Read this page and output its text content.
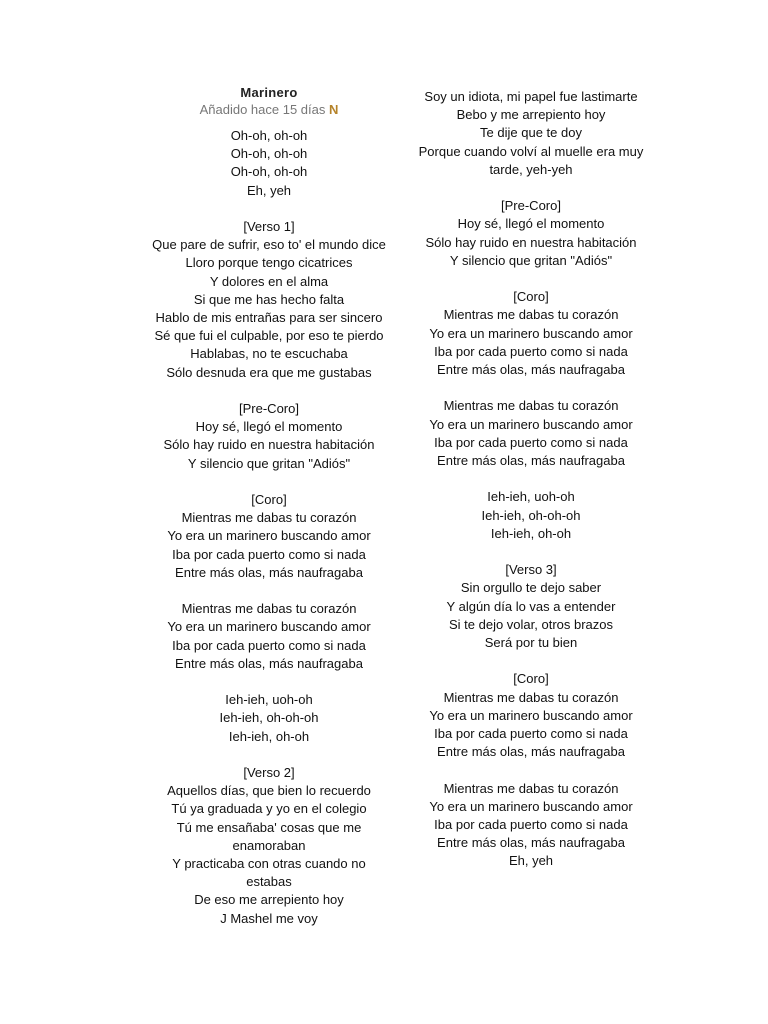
Marinero
Añadido hace 15 días N
Oh-oh, oh-oh
Oh-oh, oh-oh
Oh-oh, oh-oh
Eh, yeh
[Verso 1]
Que pare de sufrir, eso to' el mundo dice
Lloro porque tengo cicatrices
Y dolores en el alma
Si que me has hecho falta
Hablo de mis entrañas para ser sincero
Sé que fui el culpable, por eso te pierdo
Hablabas, no te escuchaba
Sólo desnuda era que me gustabas
[Pre-Coro]
Hoy sé, llegó el momento
Sólo hay ruido en nuestra habitación
Y silencio que gritan "Adiós"
[Coro]
Mientras me dabas tu corazón
Yo era un marinero buscando amor
Iba por cada puerto como si nada
Entre más olas, más naufragaba
Mientras me dabas tu corazón
Yo era un marinero buscando amor
Iba por cada puerto como si nada
Entre más olas, más naufragaba
Ieh-ieh, uoh-oh
Ieh-ieh, oh-oh-oh
Ieh-ieh, oh-oh
[Verso 2]
Aquellos días, que bien lo recuerdo
Tú ya graduada y yo en el colegio
Tú me ensañaba' cosas que me
enamoraban
Y practicaba con otras cuando no
estabas
De eso me arrepiento hoy
J Mashel me voy
Soy un idiota, mi papel fue lastimarte
Bebo y me arrepiento hoy
Te dije que te doy
Porque cuando volví al muelle era muy
tarde, yeh-yeh
[Pre-Coro]
Hoy sé, llegó el momento
Sólo hay ruido en nuestra habitación
Y silencio que gritan "Adiós"
[Coro]
Mientras me dabas tu corazón
Yo era un marinero buscando amor
Iba por cada puerto como si nada
Entre más olas, más naufragaba
Mientras me dabas tu corazón
Yo era un marinero buscando amor
Iba por cada puerto como si nada
Entre más olas, más naufragaba
Ieh-ieh, uoh-oh
Ieh-ieh, oh-oh-oh
Ieh-ieh, oh-oh
[Verso 3]
Sin orgullo te dejo saber
Y algún día lo vas a entender
Si te dejo volar, otros brazos
Será por tu bien
[Coro]
Mientras me dabas tu corazón
Yo era un marinero buscando amor
Iba por cada puerto como si nada
Entre más olas, más naufragaba
Mientras me dabas tu corazón
Yo era un marinero buscando amor
Iba por cada puerto como si nada
Entre más olas, más naufragaba
Eh, yeh
